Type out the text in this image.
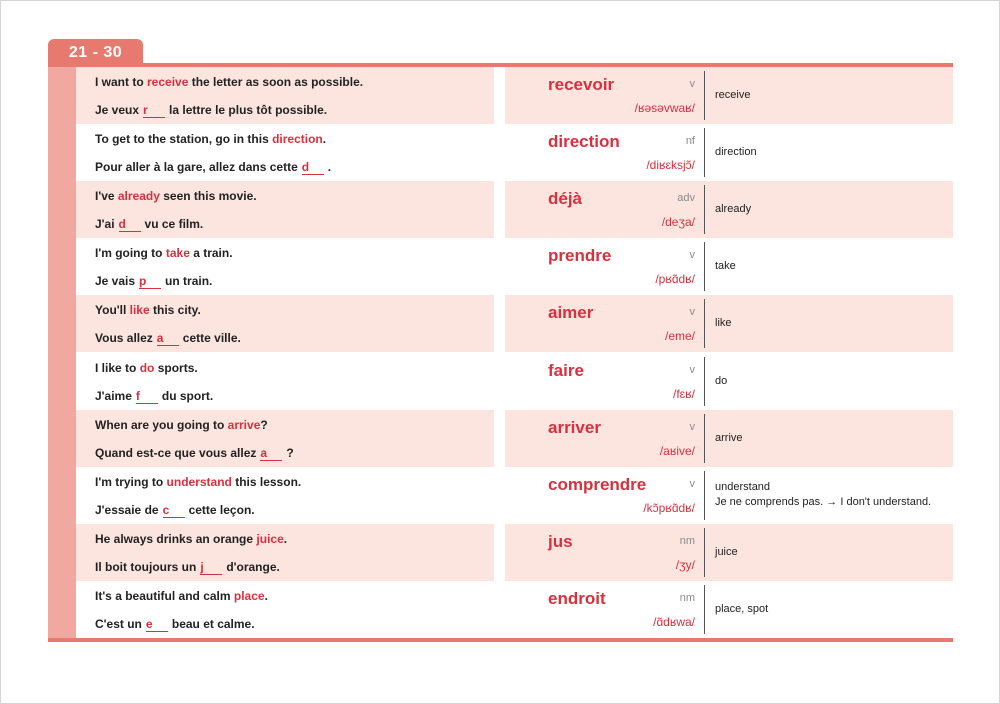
21 - 30
I want to receive the letter as soon as possible.
Je veux r la lettre le plus tôt possible.
recevoir	v
/ʁəsəvwaʁ/
receive
To get to the station, go in this direction.
Pour aller à la gare, allez dans cette d .
direction	nf
/diʁɛksjɔ̃/
direction
I've already seen this movie.
J'ai d vu ce film.
déjà	adv
/deʒa/
already
I'm going to take a train.
Je vais p un train.
prendre	v
/pʁɑ̃dʁ/
take
You'll like this city.
Vous allez a cette ville.
aimer	v
/eme/
like
I like to do sports.
J'aime f du sport.
faire	v
/fɛʁ/
do
When are you going to arrive?
Quand est-ce que vous allez a ?
arriver	v
/aʁive/
arrive
I'm trying to understand this lesson.
J'essaie de c cette leçon.
comprendre	v
/kɔ̃pʁɑ̃dʁ/
understand
Je ne comprends pas. → I don't understand.
He always drinks an orange juice.
Il boit toujours un j d'orange.
jus	nm
/ʒy/
juice
It's a beautiful and calm place.
C'est un e beau et calme.
endroit	nm
/ɑ̃dʁwa/
place, spot
